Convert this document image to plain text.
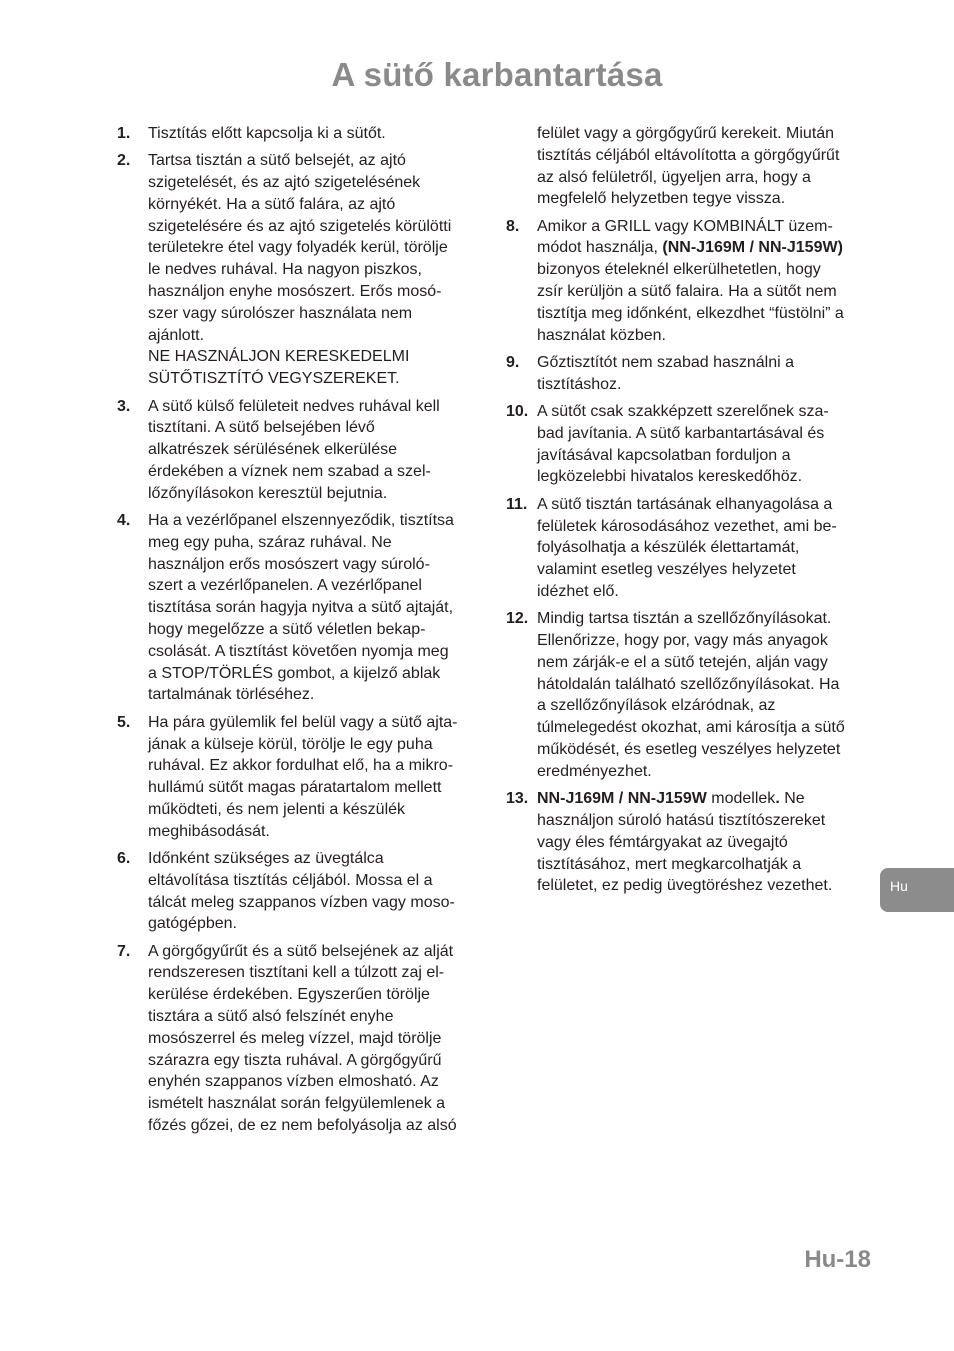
A sütő karbantartása
1. Tisztítás előtt kapcsolja ki a sütőt.
2. Tartsa tisztán a sütő belsejét, az ajtó
szigetelését, és az ajtó szigetelésének
környékét. Ha a sütő falára, az ajtó
szigetelésére és az ajtó szigetelés körülötti
területekre étel vagy folyadék kerül, törölje
le nedves ruhával. Ha nagyon piszkos,
használjon enyhe mosószert. Erős mosó-
szer vagy súrolószer használata nem
ajánlott.
NE HASZNÁLJON KERESKEDELMI
SÜTŐTISZTÍTÓ VEGYSZEREKET.
3. A sütő külső felületeit nedves ruhával kell
tisztítani. A sütő belsejében lévő
alkatrészek sérülésének elkerülése
érdekében a víznek nem szabad a szel-
lőzőnyílásokon keresztül bejutnia.
4. Ha a vezérlőpanel elszennyeződik, tisztítsa
meg egy puha, száraz ruhával. Ne
használjon erős mosószert vagy súroló-
szert a vezérlőpanelen. A vezérlőpanel
tisztítása során hagyja nyitva a sütő ajtaját,
hogy megelőzze a sütő véletlen bekap-
csolását. A tisztítást követően nyomja meg
a STOP/TÖRLÉS gombot, a kijelző ablak
tartalmának törléséhez.
5. Ha pára gyülemlik fel belül vagy a sütő ajta-
jának a külseje körül, törölje le egy puha
ruhával. Ez akkor fordulhat elő, ha a mikro-
hullámú sütőt magas páratartalom mellett
működteti, és nem jelenti a készülék
meghibásodását.
6. Időnként szükséges az üvegtálca
eltávolítása tisztítás céljából. Mossa el a
tálcát meleg szappanos vízben vagy moso-
gatógépben.
7. A görgőgyűrűt és a sütő belsejének az alját
rendszeresen tisztítani kell a túlzott zaj el-
kerülése érdekében. Egyszerűen törölje
tisztára a sütő alsó felszínét enyhe
mosószerrel és meleg vízzel, majd törölje
szárazra egy tiszta ruhával. A görgőgyűrű
enyhén szappanos vízben elmosható. Az
ismételt használat során felgyülemlenek a
főzés gőzei, de ez nem befolyásolja az alsó
felület vagy a görgőgyűrű kerekeit. Miután
tisztítás céljából eltávolította a görgőgyűrűt
az alsó felületről, ügyeljen arra, hogy a
megfelelő helyzetben tegye vissza.
8. Amikor a GRILL vagy KOMBINÁLT üzem-
módot használja, (NN-J169M / NN-J159W)
bizonyos ételeknél elkerülhetetlen, hogy
zsír kerüljön a sütő falaira. Ha a sütőt nem
tisztítja meg időnként, elkezdhet “füstölni” a
használat közben.
9. Gőztisztítót nem szabad használni a
tisztításhoz.
10. A sütőt csak szakképzett szerelőnek sza-
bad javítania. A sütő karbantartásával és
javításával kapcsolatban forduljon a
legközelebbi hivatalos kereskedőhöz.
11. A sütő tisztán tartásának elhanyagolása a
felületek károsodásához vezethet, ami be-
folyásolhatja a készülék élettartamát,
valamint esetleg veszélyes helyzetet
idézhet elő.
12. Mindig tartsa tisztán a szellőzőnyílásokat.
Ellenőrizze, hogy por, vagy más anyagok
nem zárják-e el a sütő tetején, alján vagy
hátoldalán található szellőzőnyílásokat. Ha
a szellőzőnyílások elzáródnak, az
túlmelegedést okozhat, ami károsítja a sütő
működését, és esetleg veszélyes helyzetet
eredményezhet.
13. NN-J169M / NN-J159W modellek. Ne
használjon súroló hatású tisztítószereket
vagy éles fémtárgyakat az üvegajtó
tisztításához, mert megkarcolhatják a
felületet, ez pedig üvegtöréshez vezethet.	Hu
Hu-18
